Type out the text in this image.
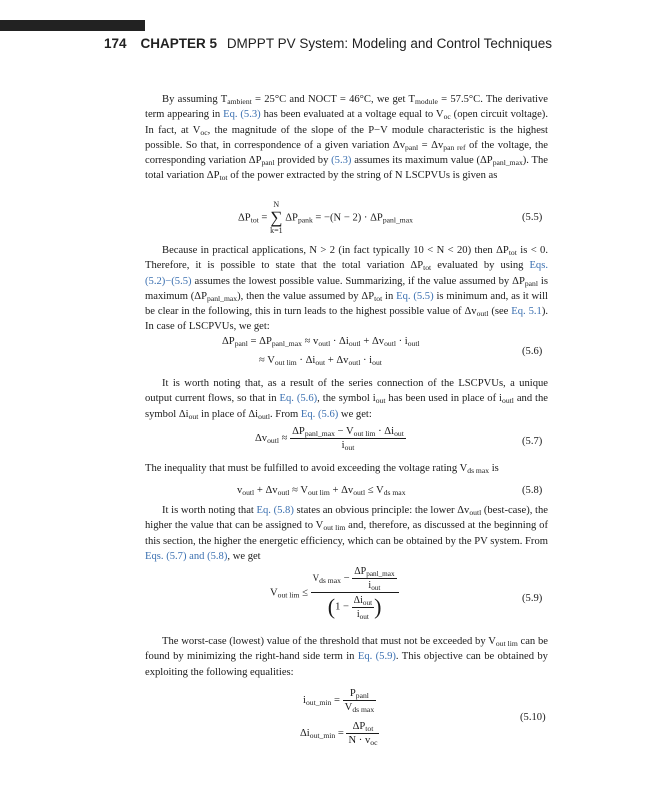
174 CHAPTER 5 DMPPT PV System: Modeling and Control Techniques

By assuming $T_{ambient} = 25^\circ C$ and NOCT = 46°C, we get $T_{module} = 57.5^\circ C$. The derivative term appearing in Eq. (5.3) has been evaluated at a voltage equal to $V_{oc}$ (open circuit voltage). In fact, at $V_{oc}$, the magnitude of the slope of the P−V module characteristic is the highest possible. So that, in correspondence of a given variation $\Delta v_{panl} = \Delta v_{pan ref}$ of the voltage, the corresponding variation $\Delta P_{panl}$ provided by (5.3) assumes its maximum value $(\Delta P_{panl\_max})$. The total variation $\Delta P_{tot}$ of the power extracted by the string of N LSCPVUs is given as

$\Delta P_{tot}$ =
N
∑
k=1
$\Delta P_{pank} = -(N - 2) \cdot \Delta P_{panl\_max}$	(5.5)

Because in practical applications, N > 2 (in fact typically 10 < N < 20) then $\Delta P_{tot}$ is < 0. Therefore, it is possible to state that the total variation $\Delta P_{tot}$ evaluated by using Eqs. (5.2)−(5.5) assumes the lowest possible value. Summarizing, if the value assumed by $\Delta P_{panl}$ is maximum $(\Delta P_{panl\_max})$, then the value assumed by $\Delta P_{tot}$ in Eq. (5.5) is minimum and, as it will be clear in the following, this in turn leads to the highest possible value of $\Delta v_{outl}$ (see Eq. 5.1). In case of LSCPVUs, we get:

$\Delta P_{panl} = \Delta P_{panl\_max} \approx v_{outl} \cdot \Delta i_{outl} + \Delta v_{outl} \cdot i_{outl}$
≈ $V_{out lim} \cdot \Delta i_{out} + \Delta v_{outl} \cdot i_{out}$
(5.6)

It is worth noting that, as a result of the series connection of the LSCPVUs, a unique output current flows, so that in Eq. (5.6), the symbol $i_{out}$ has been used in place of $i_{outl}$ and the symbol $\Delta i_{out}$ in place of $\Delta i_{outl}$. From Eq. (5.6) we get:

$\Delta v_{outl} \approx \frac{\Delta P_{panl\_max} - V_{out lim} \cdot \Delta i_{out}}{i_{out}}$	(5.7)

The inequality that must be fulfilled to avoid exceeding the voltage rating $V_{ds max}$ is

$v_{outl} + \Delta v_{outl} \approx V_{out lim} + \Delta v_{outl} \le V_{ds max}$	(5.8)

It is worth noting that Eq. (5.8) states an obvious principle: the lower $\Delta v_{outl}$ (best-case), the higher the value that can be assigned to $V_{out lim}$ and, therefore, as discussed at the beginning of this section, the higher the energetic efficiency, which can be obtained by the PV system. From Eqs. (5.7) and (5.8), we get

$V_{out lim} \le \frac{V_{ds max} - \frac{\Delta P_{panl\_max}}{i_{out}}}{(1 - \frac{\Delta i_{out}}{i_{out}} )}$	(5.9)

The worst-case (lowest) value of the threshold that must not be exceeded by $V_{out lim}$ can be found by minimizing the right-hand side term in Eq. (5.9). This objective can be obtained by exploiting the following equalities:

$i_{out\_min} = \frac{P_{panl}}{V_{ds max}}$
$\Delta i_{out\_min} = \frac{\Delta P_{tot}}{N \cdot v_{oc}}$
(5.10)
